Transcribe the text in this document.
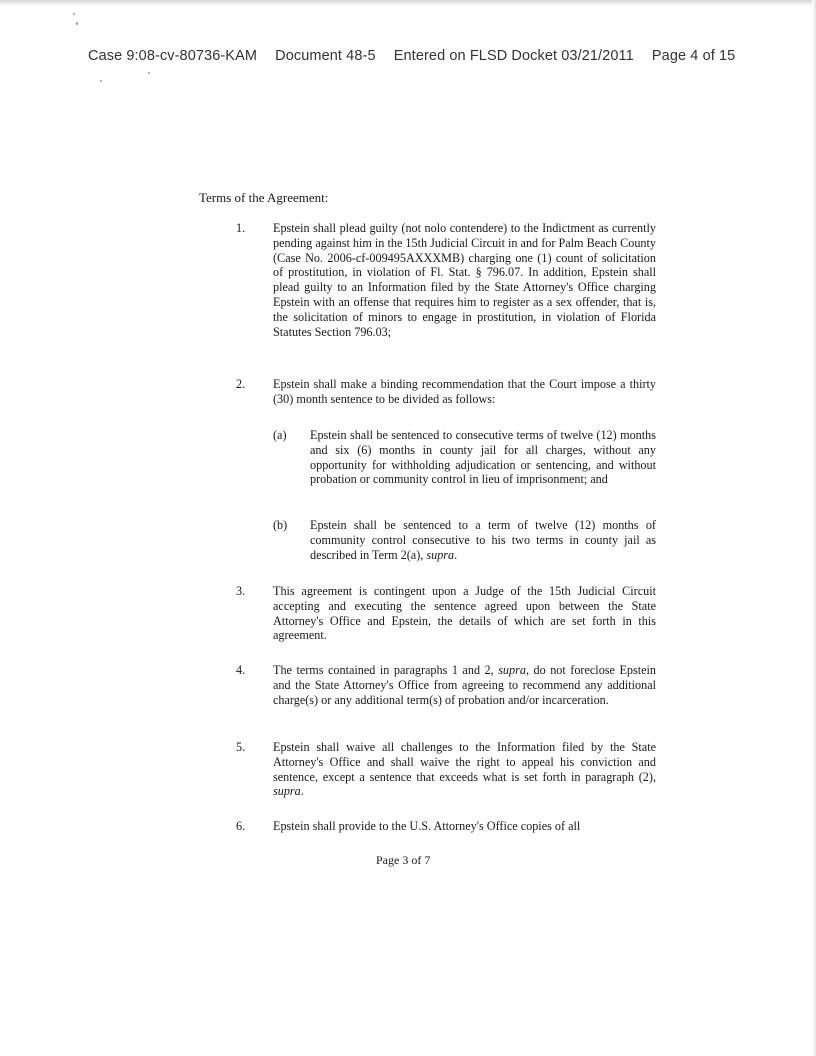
Case 9:08-cv-80736-KAM Document 48-5 Entered on FLSD Docket 03/21/2011 Page 4 of 15
Terms of the Agreement:
1. Epstein shall plead guilty (not nolo contendere) to the Indictment as currently pending against him in the 15th Judicial Circuit in and for Palm Beach County (Case No. 2006-cf-009495AXXXMB) charging one (1) count of solicitation of prostitution, in violation of Fl. Stat. § 796.07. In addition, Epstein shall plead guilty to an Information filed by the State Attorney's Office charging Epstein with an offense that requires him to register as a sex offender, that is, the solicitation of minors to engage in prostitution, in violation of Florida Statutes Section 796.03;
2. Epstein shall make a binding recommendation that the Court impose a thirty (30) month sentence to be divided as follows:
(a) Epstein shall be sentenced to consecutive terms of twelve (12) months and six (6) months in county jail for all charges, without any opportunity for withholding adjudication or sentencing, and without probation or community control in lieu of imprisonment; and
(b) Epstein shall be sentenced to a term of twelve (12) months of community control consecutive to his two terms in county jail as described in Term 2(a), supra.
3. This agreement is contingent upon a Judge of the 15th Judicial Circuit accepting and executing the sentence agreed upon between the State Attorney's Office and Epstein, the details of which are set forth in this agreement.
4. The terms contained in paragraphs 1 and 2, supra, do not foreclose Epstein and the State Attorney's Office from agreeing to recommend any additional charge(s) or any additional term(s) of probation and/or incarceration.
5. Epstein shall waive all challenges to the Information filed by the State Attorney's Office and shall waive the right to appeal his conviction and sentence, except a sentence that exceeds what is set forth in paragraph (2), supra.
6. Epstein shall provide to the U.S. Attorney's Office copies of all
Page 3 of 7
